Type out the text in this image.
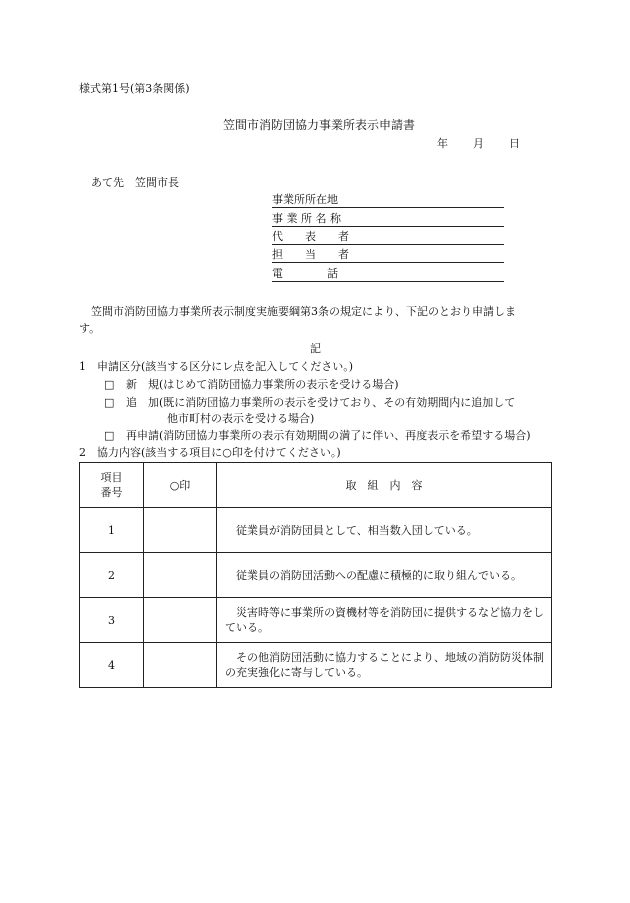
様式第1号(第3条関係)
笠間市消防団協力事業所表示申請書
年 月 日
あて先　笠間市長
事業所所在地
事 業 所 名 称
代　　表　　者
担　　当　　者
電　　　　話
笠間市消防団協力事業所表示制度実施要綱第3条の規定により、下記のとおり申請しま
す。
記
1　申請区分(該当する区分にレ点を記入してください。)
□ 新　規(はじめて消防団協力事業所の表示を受ける場合)
□ 追　加(既に消防団協力事業所の表示を受けており、その有効期間内に追加して
他市町村の表示を受ける場合)
□ 再申請(消防団協力事業所の表示有効期間の満了に伴い、再度表示を希望する場合)
2　協力内容(該当する項目に○印を付けてください。)
項目
番号	○印	取　組　内　容
1		従業員が消防団員として、相当数入団している。

2		従業員の消防団活動への配慮に積極的に取り組んでいる。

3		災害時等に事業所の資機材等を消防団に提供するなど協力をしている。

4		その他消防団活動に協力することにより、地域の消防防災体制の充実強化に寄与している。
